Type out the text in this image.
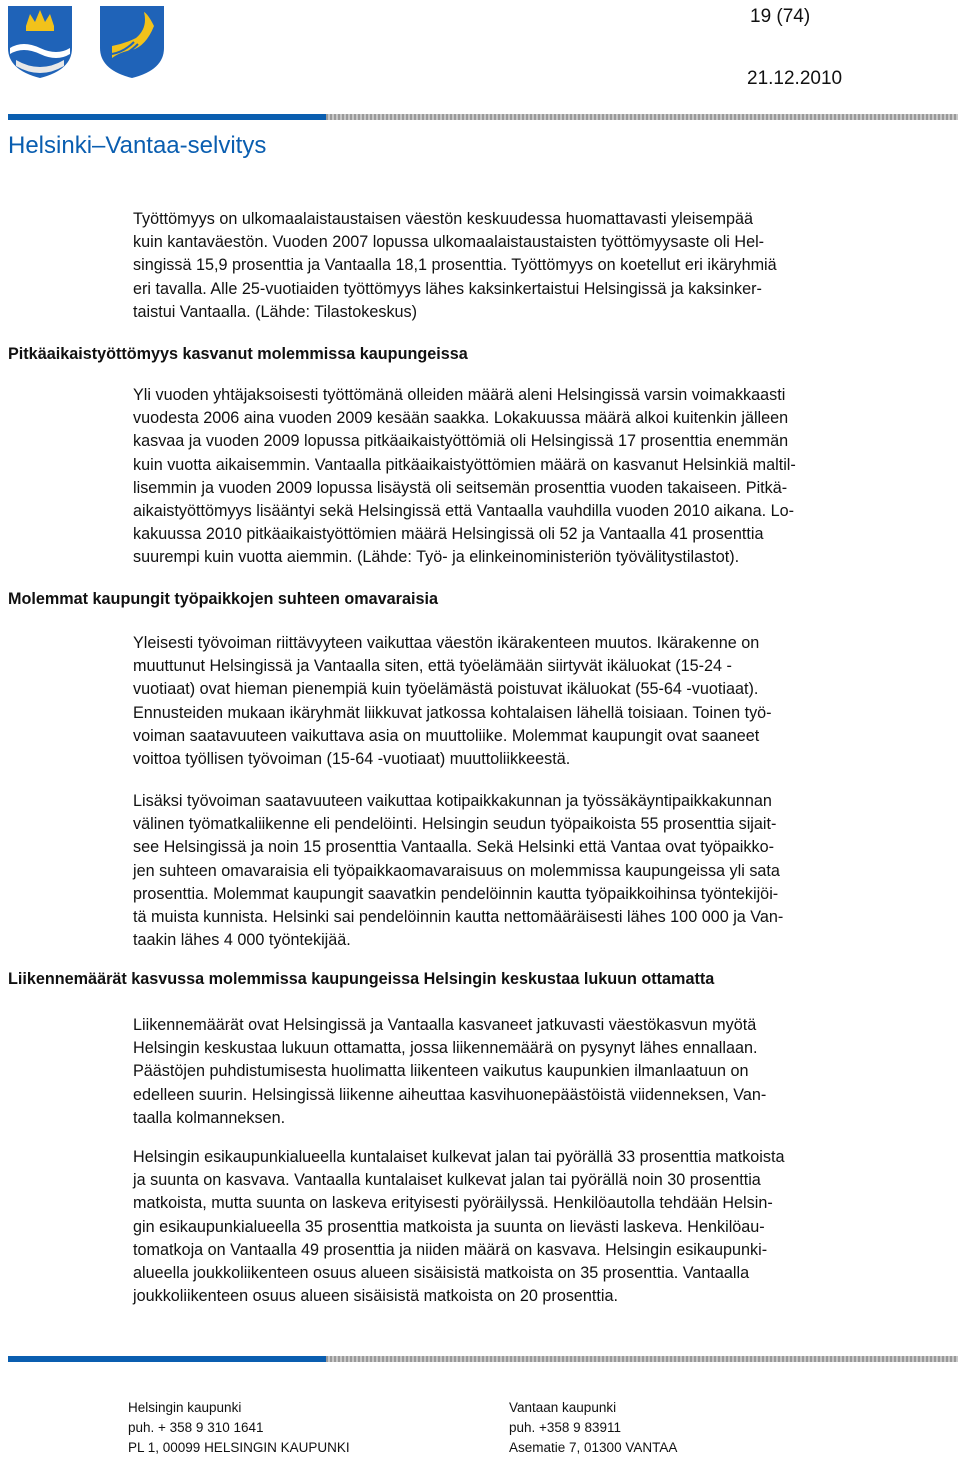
19 (74)
21.12.2010
Helsinki–Vantaa-selvitys

Työttömyys on ulkomaalaistaustaisen väestön keskuudessa huomattavasti yleisempää
kuin kantaväestön. Vuoden 2007 lopussa ulkomaalaistaustaisten työttömyysaste oli Hel-
singissä 15,9 prosenttia ja Vantaalla 18,1 prosenttia. Työttömyys on koetellut eri ikäryhmiä
eri tavalla. Alle 25-vuotiaiden työttömyys lähes kaksinkertaistui Helsingissä ja kaksinker-
taistui Vantaalla. (Lähde: Tilastokeskus)

Pitkäaikaistyöttömyys kasvanut molemmissa kaupungeissa

Yli vuoden yhtäjaksoisesti työttömänä olleiden määrä aleni Helsingissä varsin voimakkaasti
vuodesta 2006 aina vuoden 2009 kesään saakka. Lokakuussa määrä alkoi kuitenkin jälleen
kasvaa ja vuoden 2009 lopussa pitkäaikaistyöttömiä oli Helsingissä 17 prosenttia enemmän
kuin vuotta aikaisemmin. Vantaalla pitkäaikaistyöttömien määrä on kasvanut Helsinkiä maltil-
lisemmin ja vuoden 2009 lopussa lisäystä oli seitsemän prosenttia vuoden takaiseen. Pitkä-
aikaistyöttömyys lisääntyi sekä Helsingissä että Vantaalla vauhdilla vuoden 2010 aikana. Lo-
kakuussa 2010 pitkäaikaistyöttömien määrä Helsingissä oli 52 ja Vantaalla 41 prosenttia
suurempi kuin vuotta aiemmin. (Lähde: Työ- ja elinkeinoministeriön työvälitystilastot).

Molemmat kaupungit työpaikkojen suhteen omavaraisia

Yleisesti työvoiman riittävyyteen vaikuttaa väestön ikärakenteen muutos. Ikärakenne on
muuttunut Helsingissä ja Vantaalla siten, että työelämään siirtyvät ikäluokat (15-24 -
vuotiaat) ovat hieman pienempiä kuin työelämästä poistuvat ikäluokat (55-64 -vuotiaat).
Ennusteiden mukaan ikäryhmät liikkuvat jatkossa kohtalaisen lähellä toisiaan. Toinen työ-
voiman saatavuuteen vaikuttava asia on muuttoliike. Molemmat kaupungit ovat saaneet
voittoa työllisen työvoiman (15-64 -vuotiaat) muuttoliikkeestä.

Lisäksi työvoiman saatavuuteen vaikuttaa kotipaikkakunnan ja työssäkäyntipaikkakunnan
välinen työmatkaliikenne eli pendelöinti. Helsingin seudun työpaikoista 55 prosenttia sijait-
see Helsingissä ja noin 15 prosenttia Vantaalla. Sekä Helsinki että Vantaa ovat työpaikko-
jen suhteen omavaraisia eli työpaikkaomavaraisuus on molemmissa kaupungeissa yli sata
prosenttia. Molemmat kaupungit saavatkin pendelöinnin kautta työpaikkoihinsa työntekijöi-
tä muista kunnista. Helsinki sai pendelöinnin kautta nettomääräisesti lähes 100 000 ja Van-
taakin lähes 4 000 työntekijää.

Liikennemäärät kasvussa molemmissa kaupungeissa Helsingin keskustaa lukuun ottamatta

Liikennemäärät ovat Helsingissä ja Vantaalla kasvaneet jatkuvasti väestökasvun myötä
Helsingin keskustaa lukuun ottamatta, jossa liikennemäärä on pysynyt lähes ennallaan.
Päästöjen puhdistumisesta huolimatta liikenteen vaikutus kaupunkien ilmanlaatuun on
edelleen suurin. Helsingissä liikenne aiheuttaa kasvihuonepäästöistä viidenneksen, Van-
taalla kolmanneksen.

Helsingin esikaupunkialueella kuntalaiset kulkevat jalan tai pyörällä 33 prosenttia matkoista
ja suunta on kasvava. Vantaalla kuntalaiset kulkevat jalan tai pyörällä noin 30 prosenttia
matkoista, mutta suunta on laskeva erityisesti pyöräilyssä. Henkilöautolla tehdään Helsin-
gin esikaupunkialueella 35 prosenttia matkoista ja suunta on lievästi laskeva. Henkilöau-
tomatkoja on Vantaalla 49 prosenttia ja niiden määrä on kasvava. Helsingin esikaupunki-
alueella joukkoliikenteen osuus alueen sisäisistä matkoista on 35 prosenttia. Vantaalla
joukkoliikenteen osuus alueen sisäisistä matkoista on 20 prosenttia.

Helsingin kaupunki
puh. + 358 9 310 1641
PL 1, 00099 HELSINGIN KAUPUNKI
Vantaan kaupunki
puh. +358 9 83911
Asematie 7, 01300 VANTAA
